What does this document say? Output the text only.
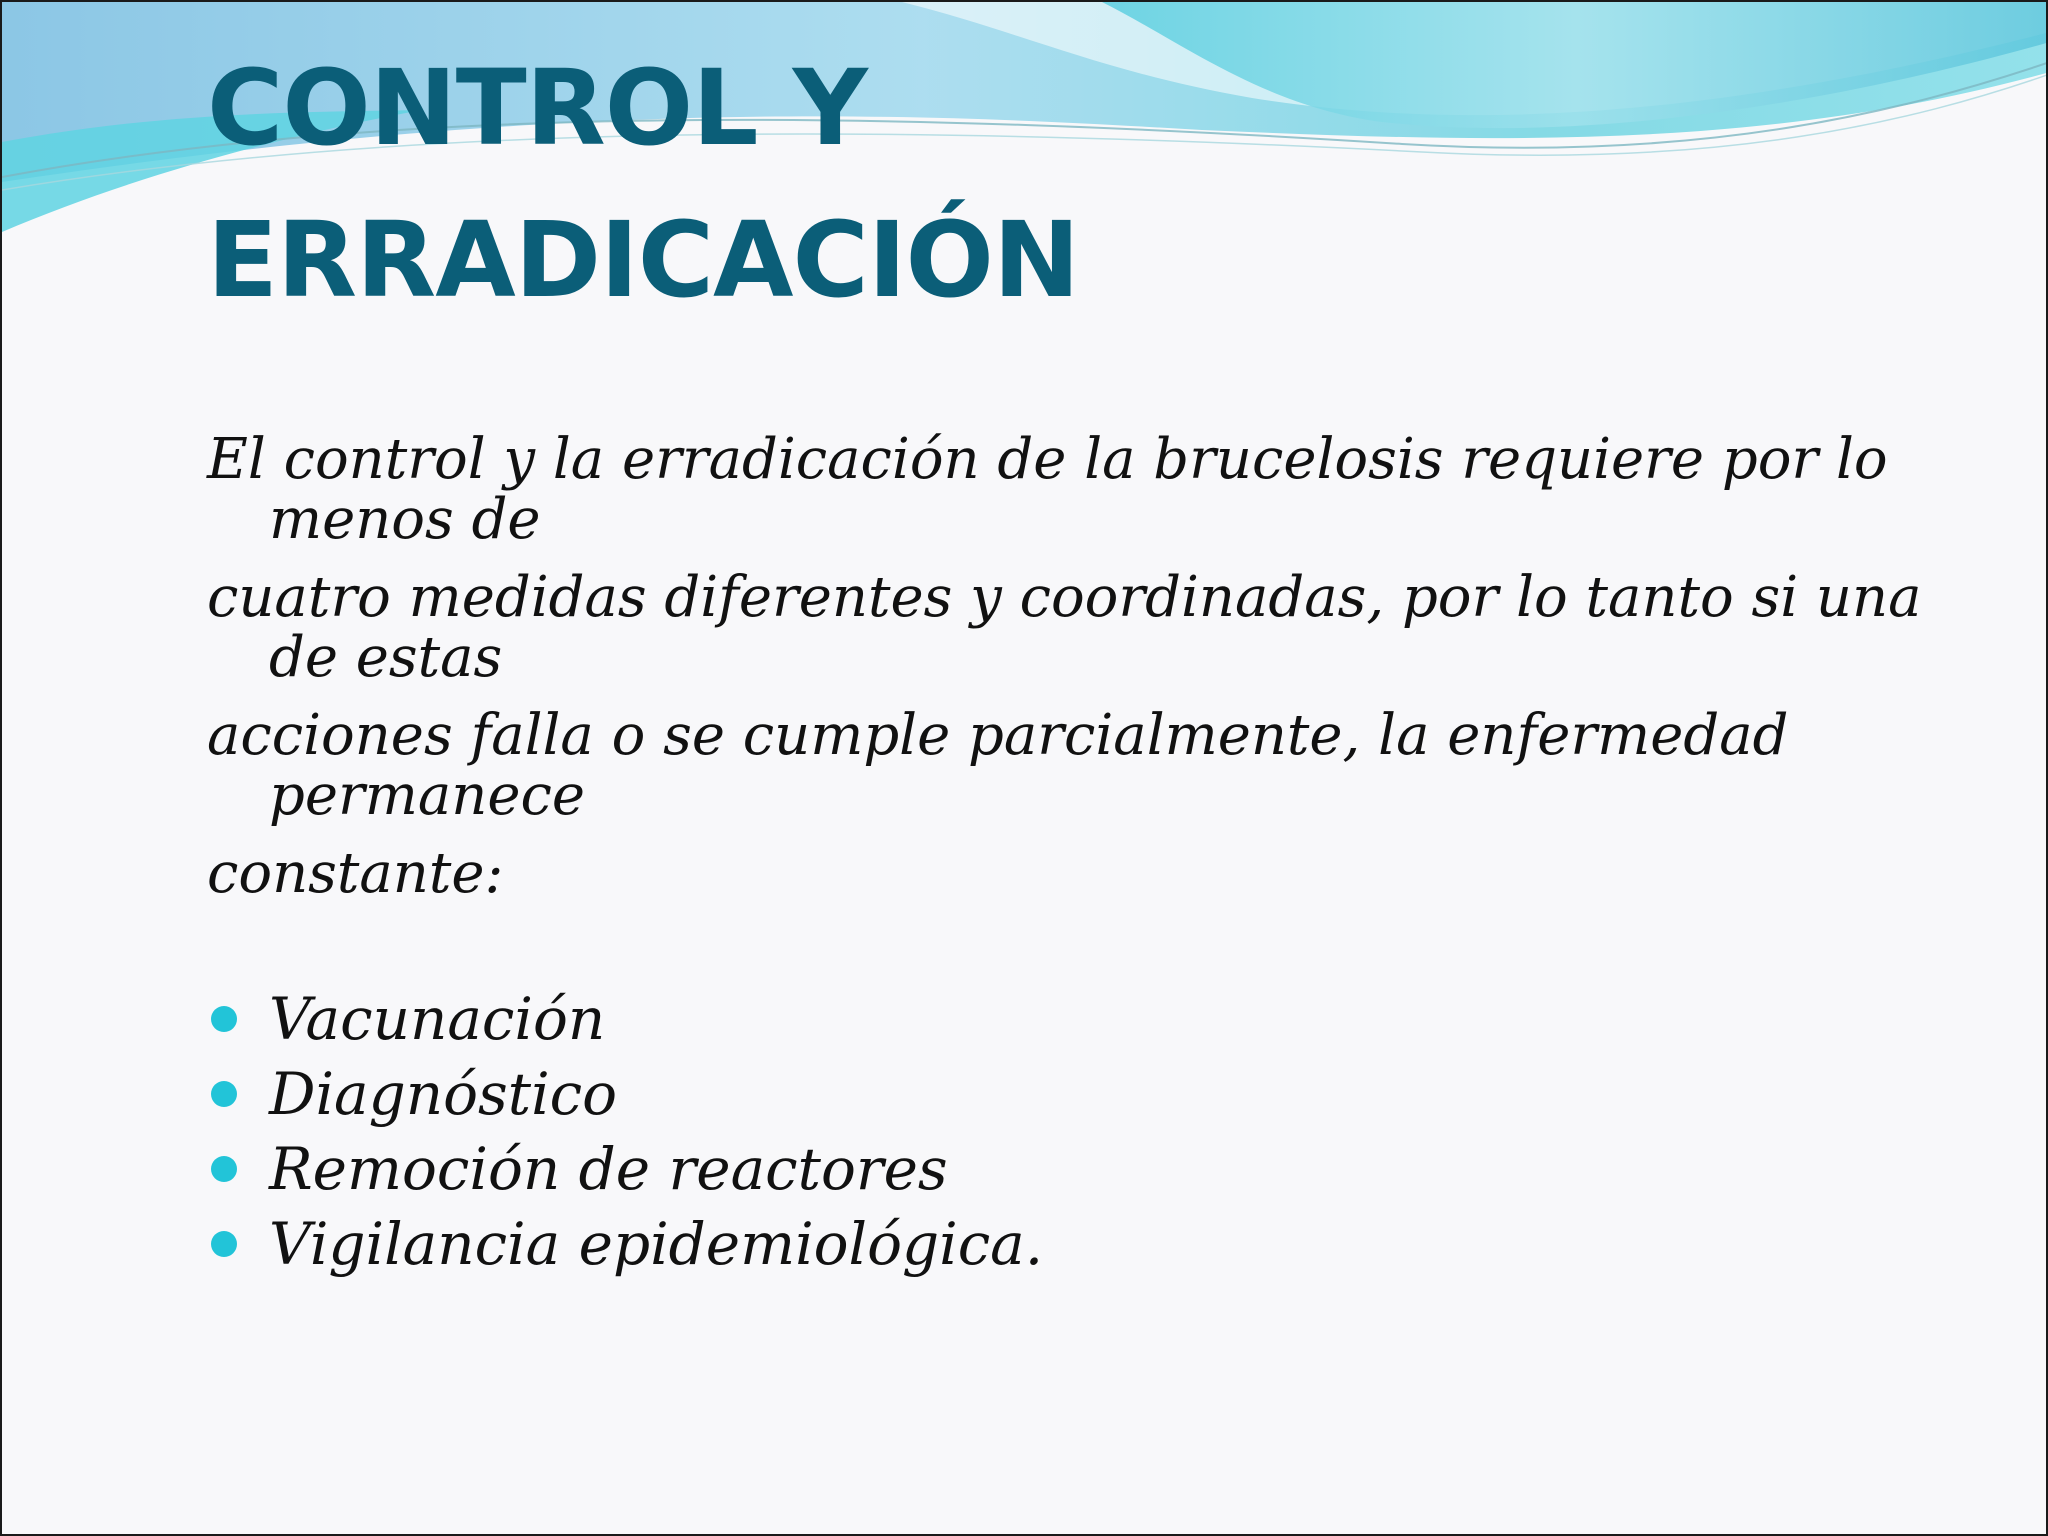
CONTROL Y
ERRADICACIÓN

El control y la erradicación de la brucelosis requiere por lo menos de

cuatro medidas diferentes y coordinadas, por lo tanto si una de estas

acciones falla o se cumple parcialmente, la enfermedad permanece

constante:

Vacunación
Diagnóstico
Remoción de reactores
Vigilancia epidemiológica.
